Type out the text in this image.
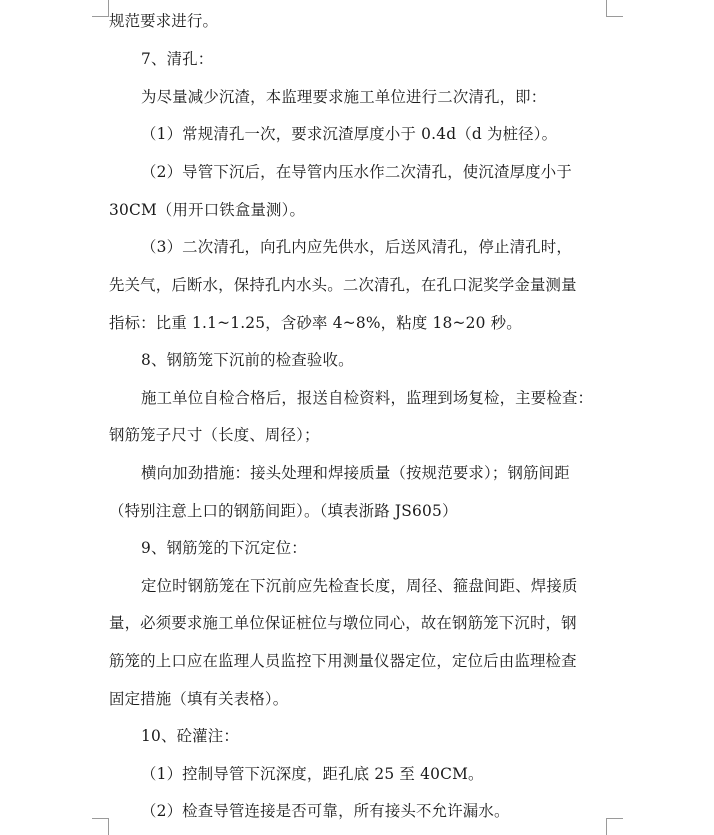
规范要求进行。
7、清孔：
为尽量减少沉渣，本监理要求施工单位进行二次清孔，即：
（1）常规清孔一次，要求沉渣厚度小于 0.4d（d 为桩径）。
（2）导管下沉后，在导管内压水作二次清孔，使沉渣厚度小于
30CM（用开口铁盒量测）。
（3）二次清孔，向孔内应先供水，后送风清孔，停止清孔时，
先关气，后断水，保持孔内水头。二次清孔，在孔口泥奖学金量测量
指标：比重 1.1~1.25，含砂率 4~8%，粘度 18~20 秒。
8、钢筋笼下沉前的检查验收。
施工单位自检合格后，报送自检资料，监理到场复检，主要检查：
钢筋笼子尺寸（长度、周径）；
横向加劲措施：接头处理和焊接质量（按规范要求）；钢筋间距
（特别注意上口的钢筋间距）。（填表浙路 JS605）
9、钢筋笼的下沉定位：
定位时钢筋笼在下沉前应先检查长度，周径、箍盘间距、焊接质
量，必须要求施工单位保证桩位与墩位同心，故在钢筋笼下沉时，钢
筋笼的上口应在监理人员监控下用测量仪器定位，定位后由监理检查
固定措施（填有关表格）。
10、砼灌注：
（1）控制导管下沉深度，距孔底 25 至 40CM。
（2）检查导管连接是否可靠，所有接头不允许漏水。
